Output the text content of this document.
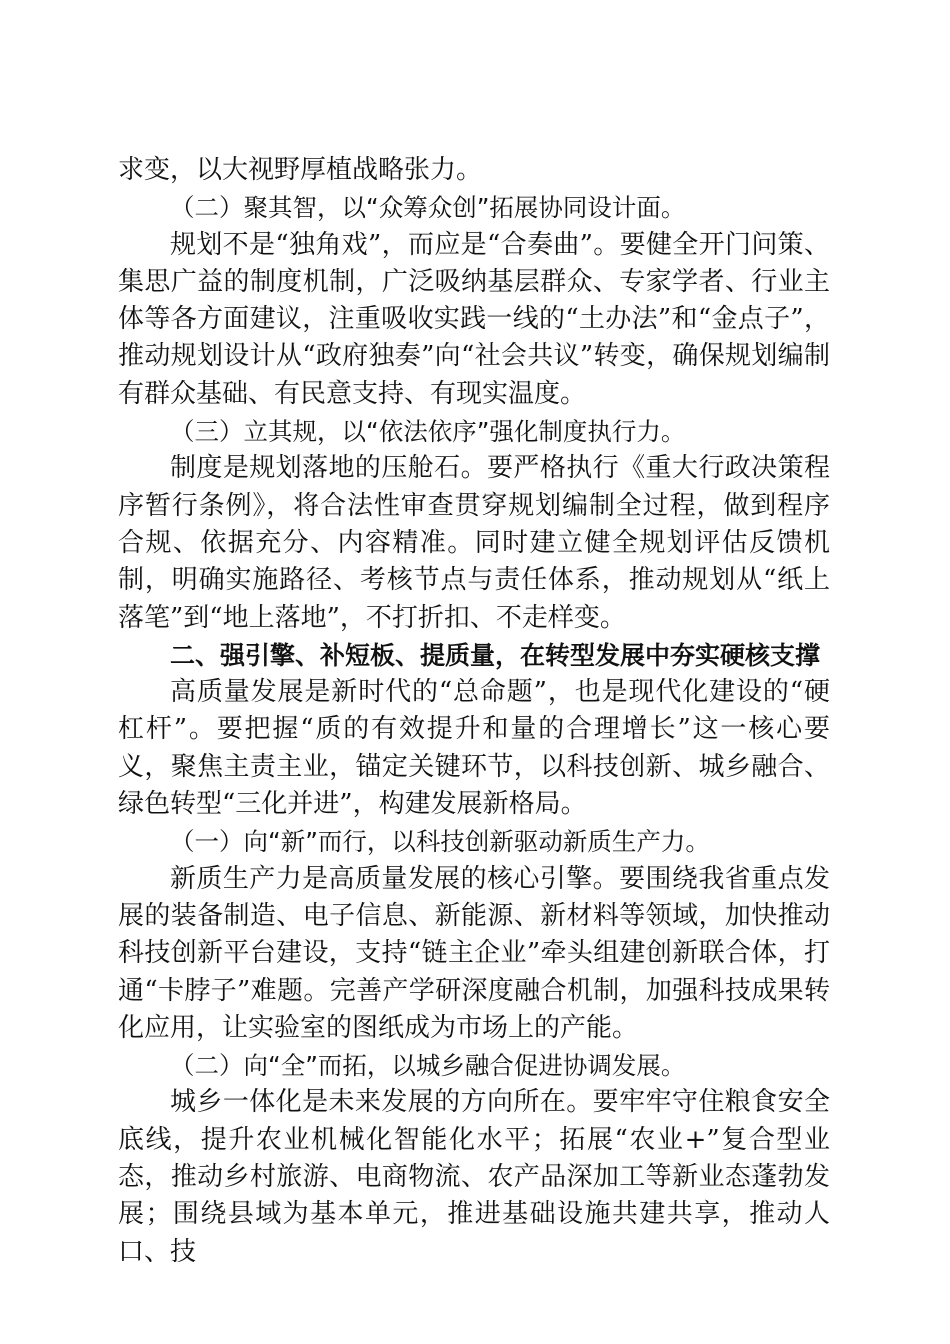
求变，以大视野厚植战略张力。

（二）聚其智，以“众筹众创”拓展协同设计面。

规划不是“独角戏”，而应是“合奏曲”。要健全开门问策、集思广益的制度机制，广泛吸纳基层群众、专家学者、行业主体等各方面建议，注重吸收实践一线的“土办法”和“金点子”，推动规划设计从“政府独奏”向“社会共议”转变，确保规划编制有群众基础、有民意支持、有现实温度。

（三）立其规，以“依法依序”强化制度执行力。

制度是规划落地的压舱石。要严格执行《重大行政决策程序暂行条例》，将合法性审查贯穿规划编制全过程，做到程序合规、依据充分、内容精准。同时建立健全规划评估反馈机制，明确实施路径、考核节点与责任体系，推动规划从“纸上落笔”到“地上落地”，不打折扣、不走样变。

二、强引擎、补短板、提质量，在转型发展中夯实硬核支撑

高质量发展是新时代的“总命题”，也是现代化建设的“硬杠杆”。要把握“质的有效提升和量的合理增长”这一核心要义，聚焦主责主业，锚定关键环节，以科技创新、城乡融合、绿色转型“三化并进”，构建发展新格局。

（一）向“新”而行，以科技创新驱动新质生产力。

新质生产力是高质量发展的核心引擎。要围绕我省重点发展的装备制造、电子信息、新能源、新材料等领域，加快推动科技创新平台建设，支持“链主企业”牵头组建创新联合体，打通“卡脖子”难题。完善产学研深度融合机制，加强科技成果转化应用，让实验室的图纸成为市场上的产能。

（二）向“全”而拓，以城乡融合促进协调发展。

城乡一体化是未来发展的方向所在。要牢牢守住粮食安全底线，提升农业机械化智能化水平；拓展“农业+”复合型业态，推动乡村旅游、电商物流、农产品深加工等新业态蓬勃发展；围绕县域为基本单元，推进基础设施共建共享，推动人口、技
